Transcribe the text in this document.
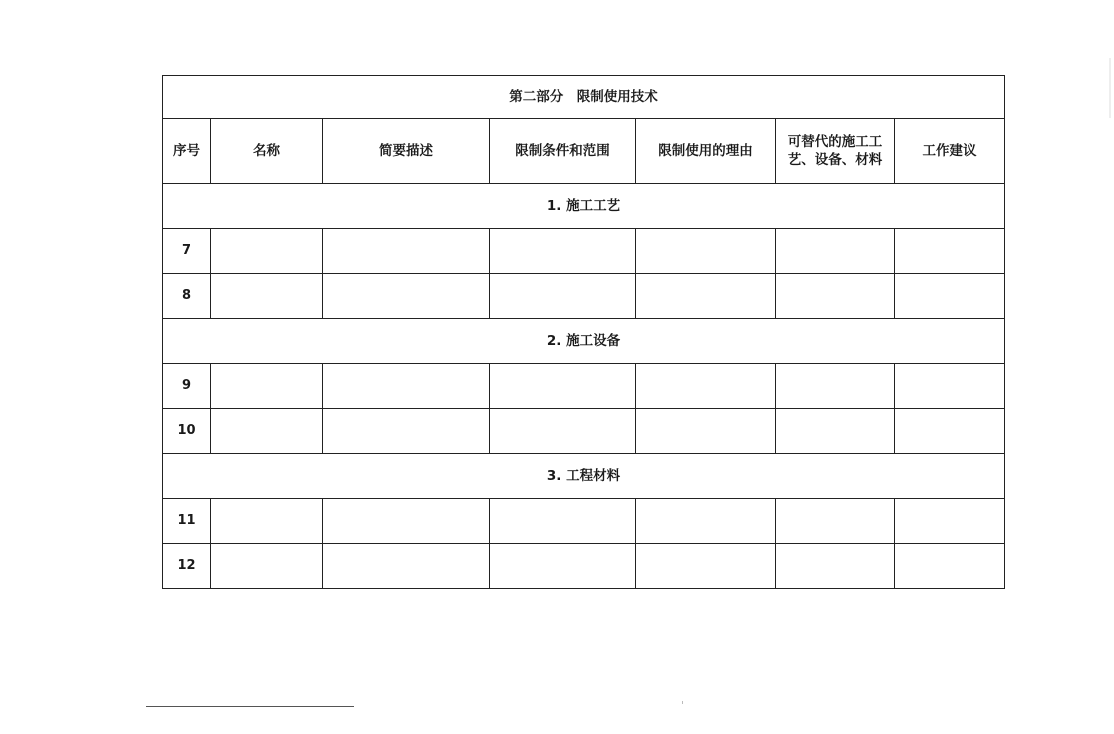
第二部分　限制使用技术						
序号	名称	简要描述	限制条件和范围	限制使用的理由	可替代的施工工艺、设备、材料	工作建议
1. 施工工艺						
7						
8						
2. 施工设备						
9						
10						
3. 工程材料						
11						
12						
